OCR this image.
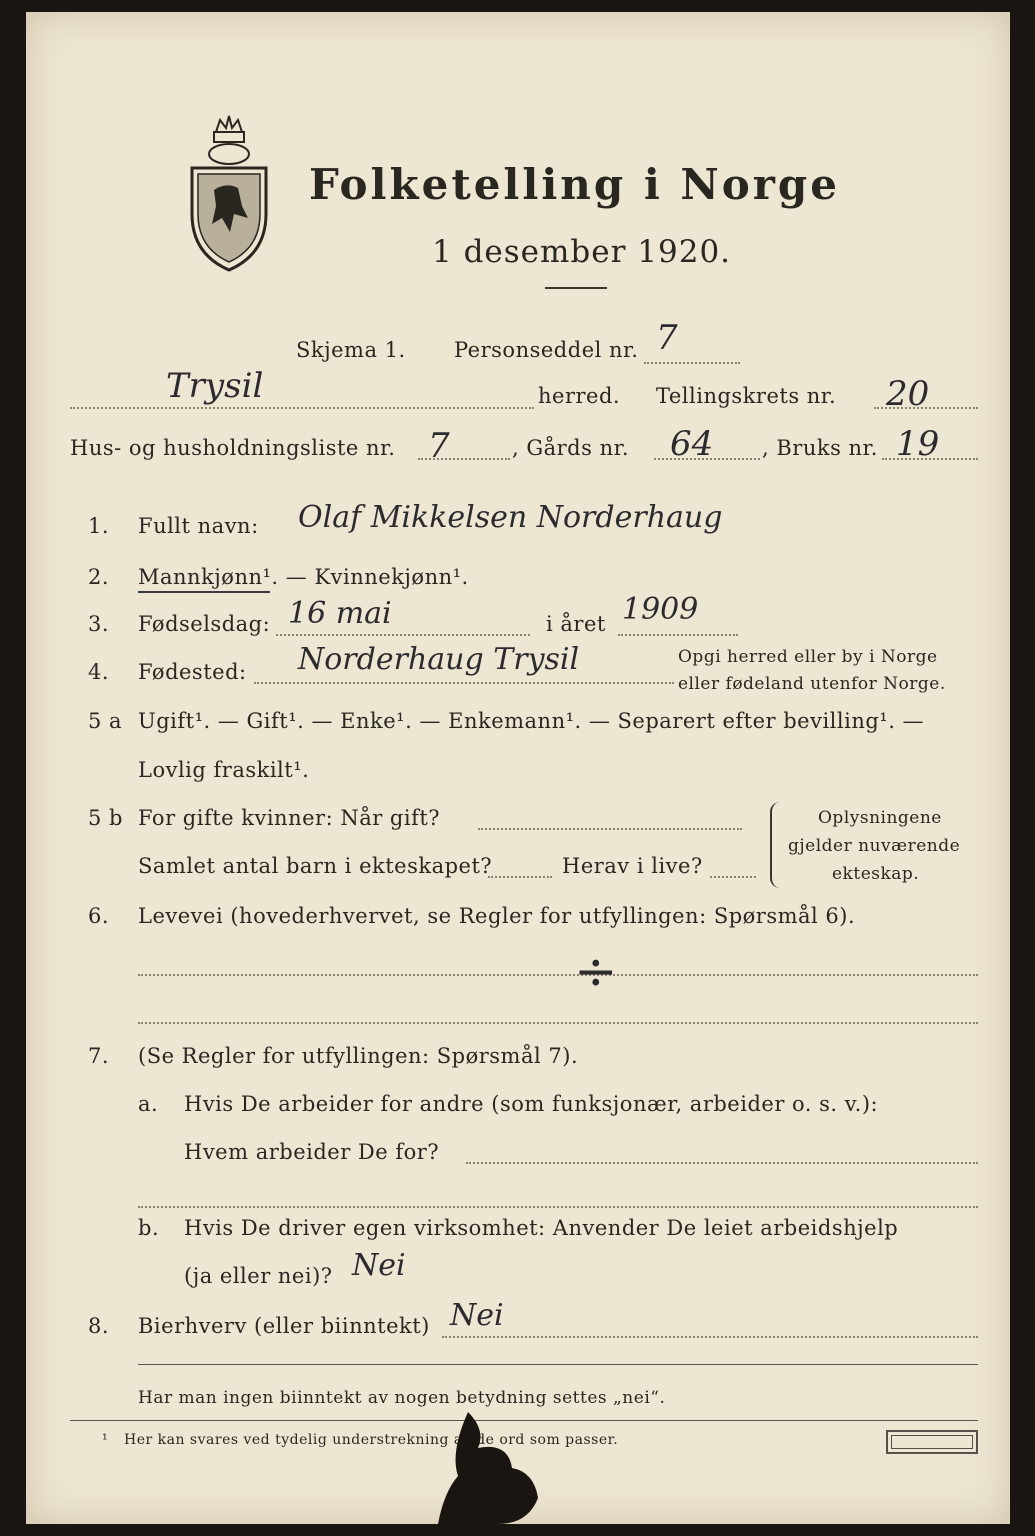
Folketelling i Norge
1 desember 1920.
Skjema 1. Personseddel nr. 7
Trysil	herred. Tellingskrets nr. 20
Hus- og husholdningsliste nr. 7	, Gårds nr. 64 , Bruks nr. 19
1. Fullt navn: Olaf Mikkelsen Norderhaug
2. Mannkjønn¹. — Kvinnekjønn¹.
3. Fødselsdag: 16 mai	i året 1909
4. Fødested: Norderhaug Trysil	Opgi herred eller by i Norge
eller fødeland utenfor Norge.
5 a Ugift¹. — Gift¹. — Enke¹. — Enkemann¹. — Separert efter bevilling¹. —
Lovlig fraskilt¹.
5 b For gifte kvinner: Når gift?
Samlet antal barn i ekteskapet?	Herav i live?
Oplysningene
gjelder nuværende
ekteskap.
6. Levevei (hovederhvervet, se Regler for utfyllingen: Spørsmål 6).
÷
7. (Se Regler for utfyllingen: Spørsmål 7).
a. Hvis De arbeider for andre (som funksjonær, arbeider o. s. v.):
Hvem arbeider De for?
b. Hvis De driver egen virksomhet: Anvender De leiet arbeidshjelp
(ja eller nei)? Nei
8. Bierhverv (eller biinntekt) Nei
Har man ingen biinntekt av nogen betydning settes „nei“.
¹ Her kan svares ved tydelig understrekning av de ord som passer.
